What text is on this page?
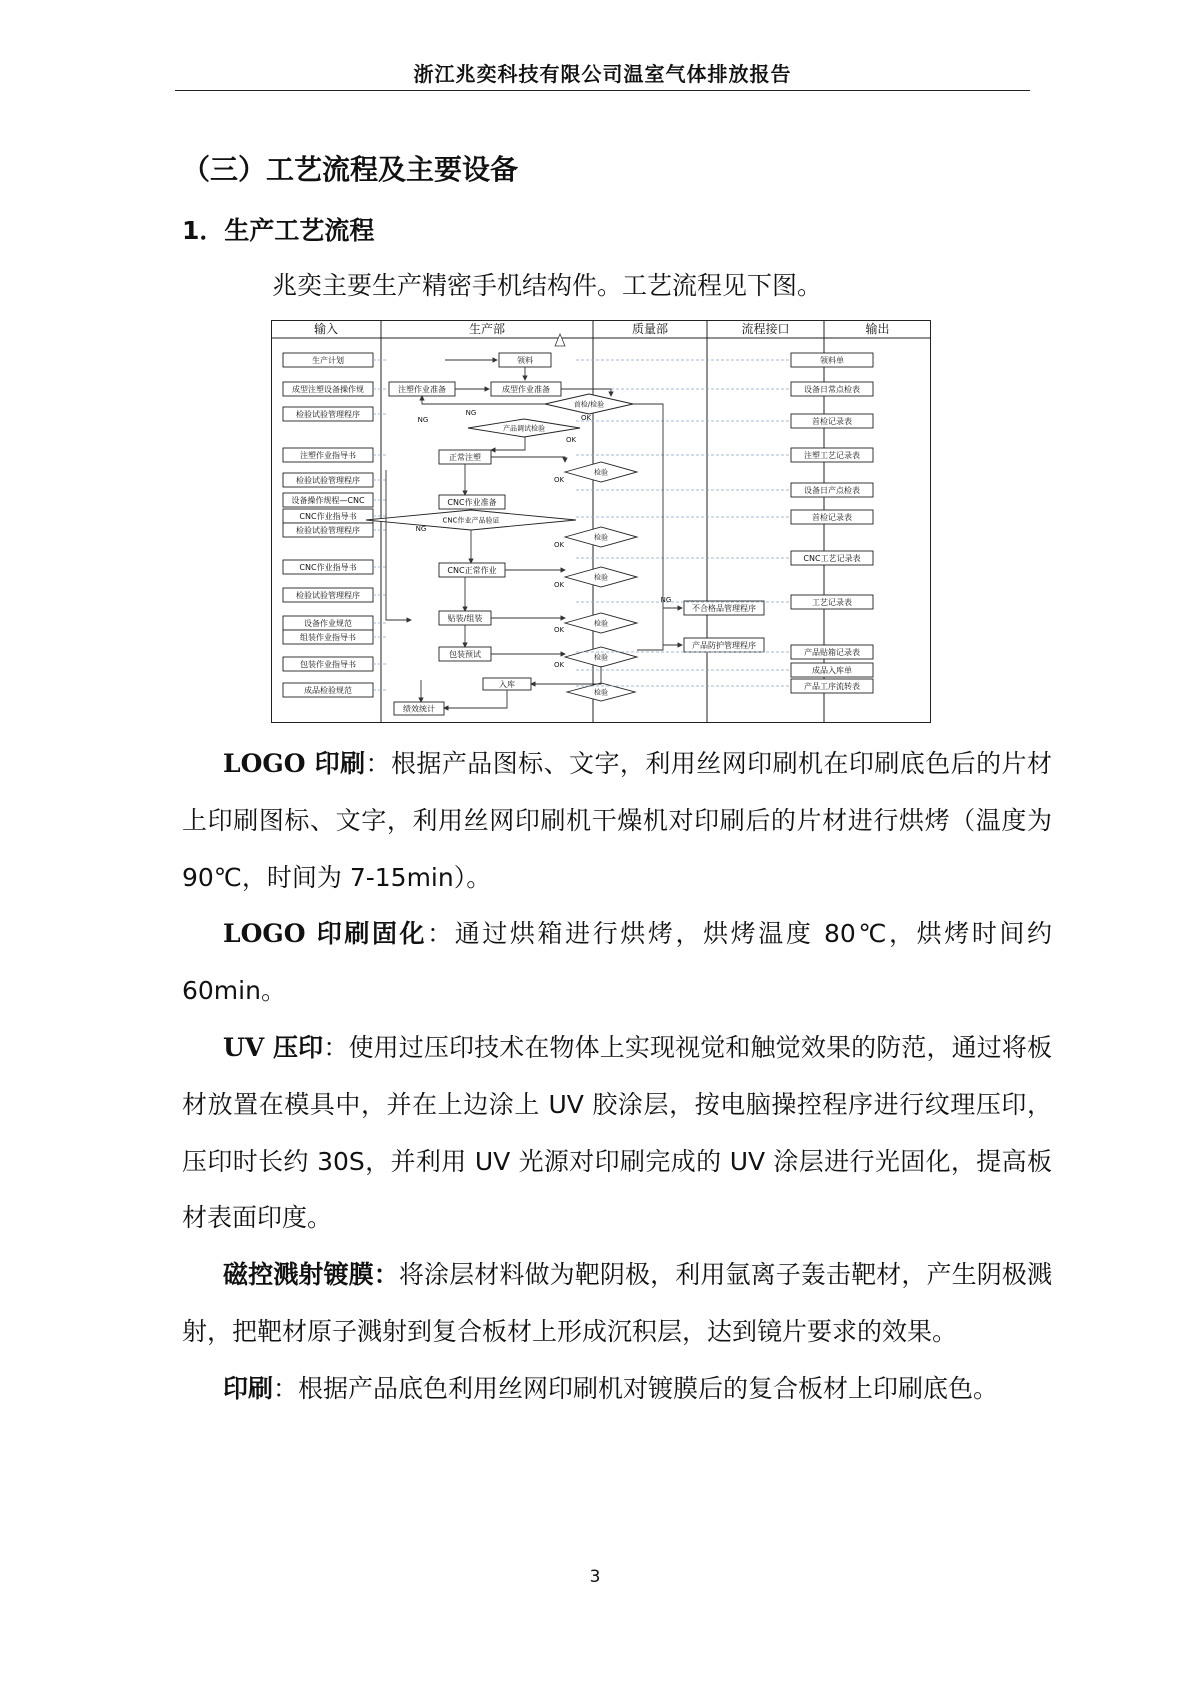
浙江兆奕科技有限公司温室气体排放报告
（三）工艺流程及主要设备
1．生产工艺流程
兆奕主要生产精密手机结构件。工艺流程见下图。
输入	生产部	质量部	流程接口	输出
生产计划
成型注塑设备操作规
检验试验管理程序
注塑作业指导书
检验试验管理程序
设备操作规程—CNC
CNC作业指导书
检验试验管理程序
CNC作业指导书
检验试验管理程序
设备作业规范
组装作业指导书
包装作业指导书
成品检验规范
领料
注塑作业准备	成型作业准备
正常注塑
CNC作业准备
CNC正常作业
贴装/组装
包装预试
入库
绩效统计
产品调试检验
CNC作业产品验证
首检/检验
检验
检验
检验
检验
检验
检验
不合格品管理程序
产品防护管理程序
领料单
设备日常点检表
首检记录表
注塑工艺记录表
设备日产点检表
首检记录表
CNC工艺记录表
工艺记录表
产品贴箱记录表
成品入库单
产品工序流转表
OK
OK
OK
OK
OK
OK
OK
NG
NG
NG
NG

LOGO 印刷：根据产品图标、文字，利用丝网印刷机在印刷底色后的片材上印刷图标、文字，利用丝网印刷机干燥机对印刷后的片材进行烘烤（温度为 90℃，时间为 7-15min）。

LOGO 印刷固化：通过烘箱进行烘烤，烘烤温度 80℃，烘烤时间约 60min。

UV 压印：使用过压印技术在物体上实现视觉和触觉效果的防范，通过将板材放置在模具中，并在上边涂上 UV 胶涂层，按电脑操控程序进行纹理压印，压印时长约 30S，并利用 UV 光源对印刷完成的 UV 涂层进行光固化，提高板材表面印度。

磁控溅射镀膜：将涂层材料做为靶阴极，利用氩离子轰击靶材，产生阴极溅射，把靶材原子溅射到复合板材上形成沉积层，达到镜片要求的效果。

印刷：根据产品底色利用丝网印刷机对镀膜后的复合板材上印刷底色。

3
